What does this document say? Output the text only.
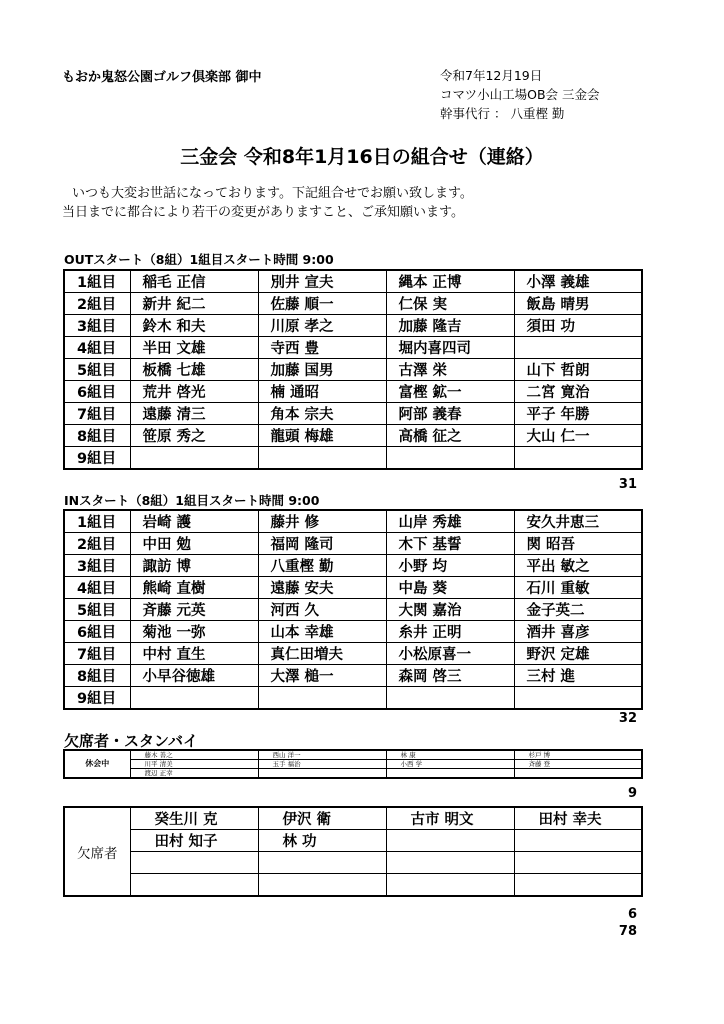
もおか鬼怒公園ゴルフ倶楽部 御中	令和7年12月19日
コマツ小山工場OB会 三金会
幹事代行 ： 八重樫 勤
三金会 令和8年1月16日の組合せ（連絡）
いつも大変お世話になっております。下記組合せでお願い致します。
当日までに都合により若干の変更がありますこと、ご承知願います。
OUTスタート（8組）1組目スタート時間 9:00
1組目	稲毛 正信	別井 宣夫	縄本 正博	小澤 義雄
2組目	新井 紀二	佐藤 順一	仁保 実	飯島 晴男
3組目	鈴木 和夫	川原 孝之	加藤 隆吉	須田 功
4組目	半田 文雄	寺西 豊	堀内喜四司	
5組目	板橋 七雄	加藤 国男	古澤 栄	山下 哲朗
6組目	荒井 啓光	楠 通昭	富樫 鉱一	二宮 寛治
7組目	遠藤 清三	角本 宗夫	阿部 義春	平子 年勝
8組目	笹原 秀之	龍頭 梅雄	高橋 征之	大山 仁一
9組目				
31
INスタート（8組）1組目スタート時間 9:00
1組目	岩崎 護	藤井 修	山岸 秀雄	安久井恵三
2組目	中田 勉	福岡 隆司	木下 基誓	関 昭吾
3組目	諏訪 博	八重樫 勤	小野 均	平出 敏之
4組目	熊崎 直樹	遠藤 安夫	中島 葵	石川 重敏
5組目	斉藤 元英	河西 久	大関 嘉治	金子英二
6組目	菊池 一弥	山本 幸雄	糸井 正明	酒井 喜彦
7組目	中村 直生	真仁田増夫	小松原喜一	野沢 定雄
8組目	小早谷徳雄	大澤 槌一	森岡 啓三	三村 進
9組目				
32
欠席者・スタンバイ
休会中	藤木 善之	西山 洋一	林 康	杉戸 博
	川平 清美	玉手 福治	小西 学	斉藤 登
	渡辺 正幸			
9
欠席者	癸生川 克	伊沢 衛	古市 明文	田村 幸夫
	田村 知子	林 功		

6
78
